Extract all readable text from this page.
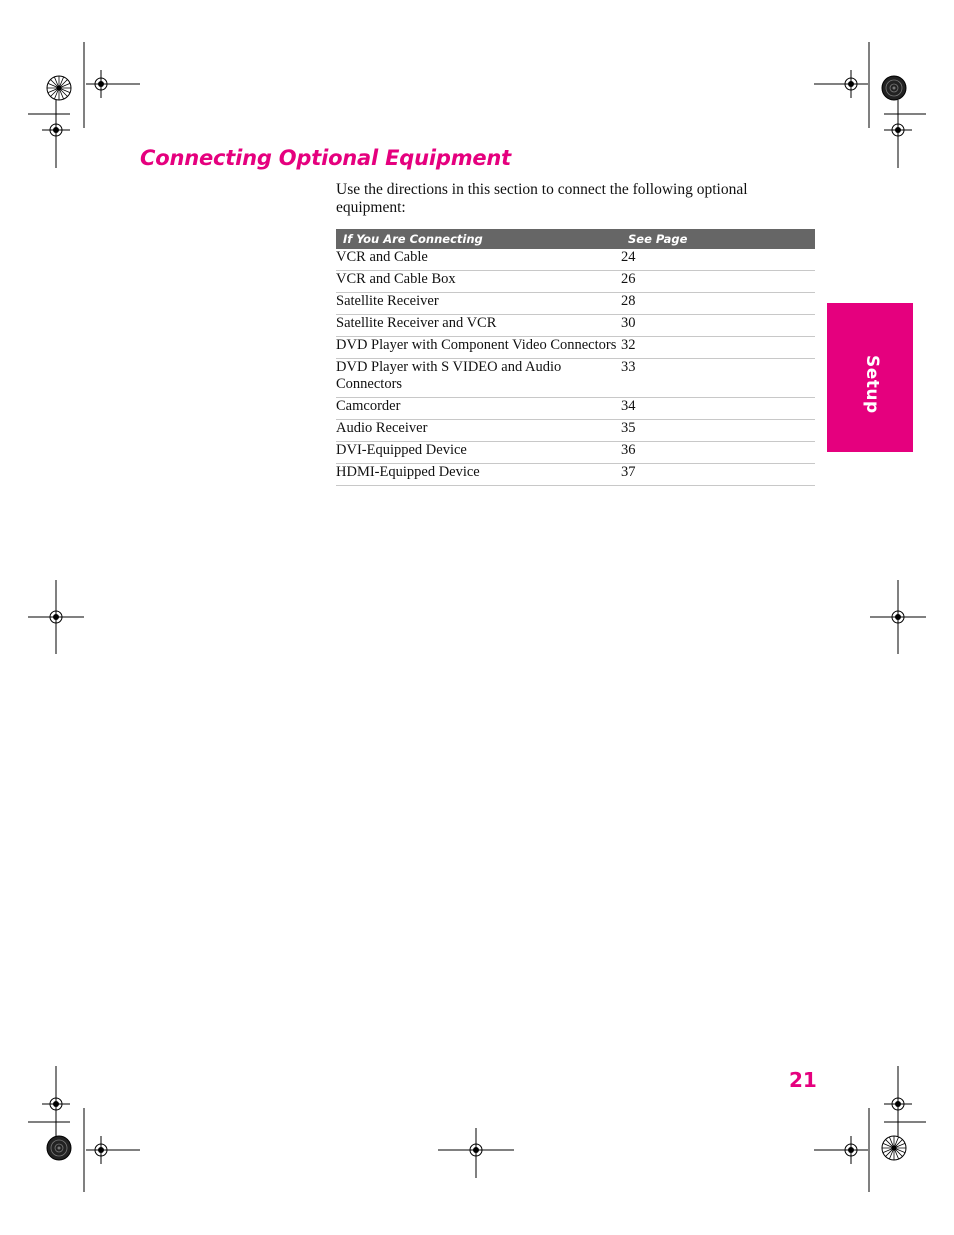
Connecting Optional Equipment

Use the directions in this section to connect the following optional equipment:

If You Are Connecting	See Page
VCR and Cable	24
VCR and Cable Box	26
Satellite Receiver	28
Satellite Receiver and VCR	30
DVD Player with Component Video Connectors	32
DVD Player with S VIDEO and Audio Connectors	33
Camcorder	34
Audio Receiver	35
DVI-Equipped Device	36
HDMI-Equipped Device	37
Setup
21
